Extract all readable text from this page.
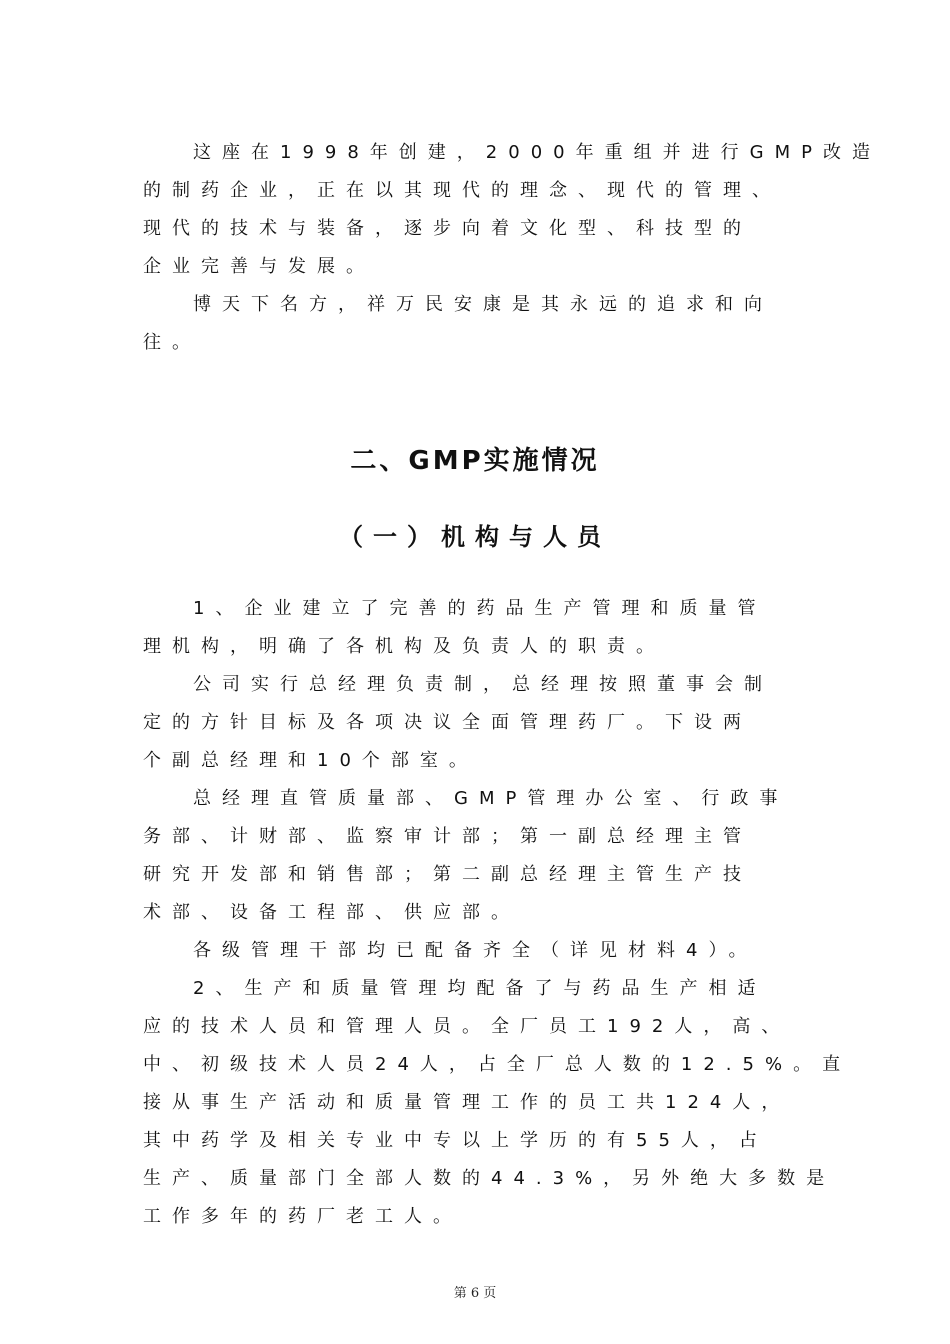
这座在1998年创建，2000年重组并进行GMP改造
的制药企业，正在以其现代的理念、现代的管理、
现代的技术与装备，逐步向着文化型、科技型的
企业完善与发展。
博天下名方，祥万民安康是其永远的追求和向
往。
二、GMP实施情况
（一）机构与人员
1、企业建立了完善的药品生产管理和质量管
理机构，明确了各机构及负责人的职责。
公司实行总经理负责制，总经理按照董事会制
定的方针目标及各项决议全面管理药厂。下设两
个副总经理和10个部室。
总经理直管质量部、GMP管理办公室、行政事
务部、计财部、监察审计部；第一副总经理主管
研究开发部和销售部；第二副总经理主管生产技
术部、设备工程部、供应部。
各级管理干部均已配备齐全（详见材料4）。
2、生产和质量管理均配备了与药品生产相适
应的技术人员和管理人员。全厂员工192人，高、
中、初级技术人员24人，占全厂总人数的12.5%。直
接从事生产活动和质量管理工作的员工共124人，
其中药学及相关专业中专以上学历的有55人，占
生产、质量部门全部人数的44.3%，另外绝大多数是
工作多年的药厂老工人。
第 6 页
